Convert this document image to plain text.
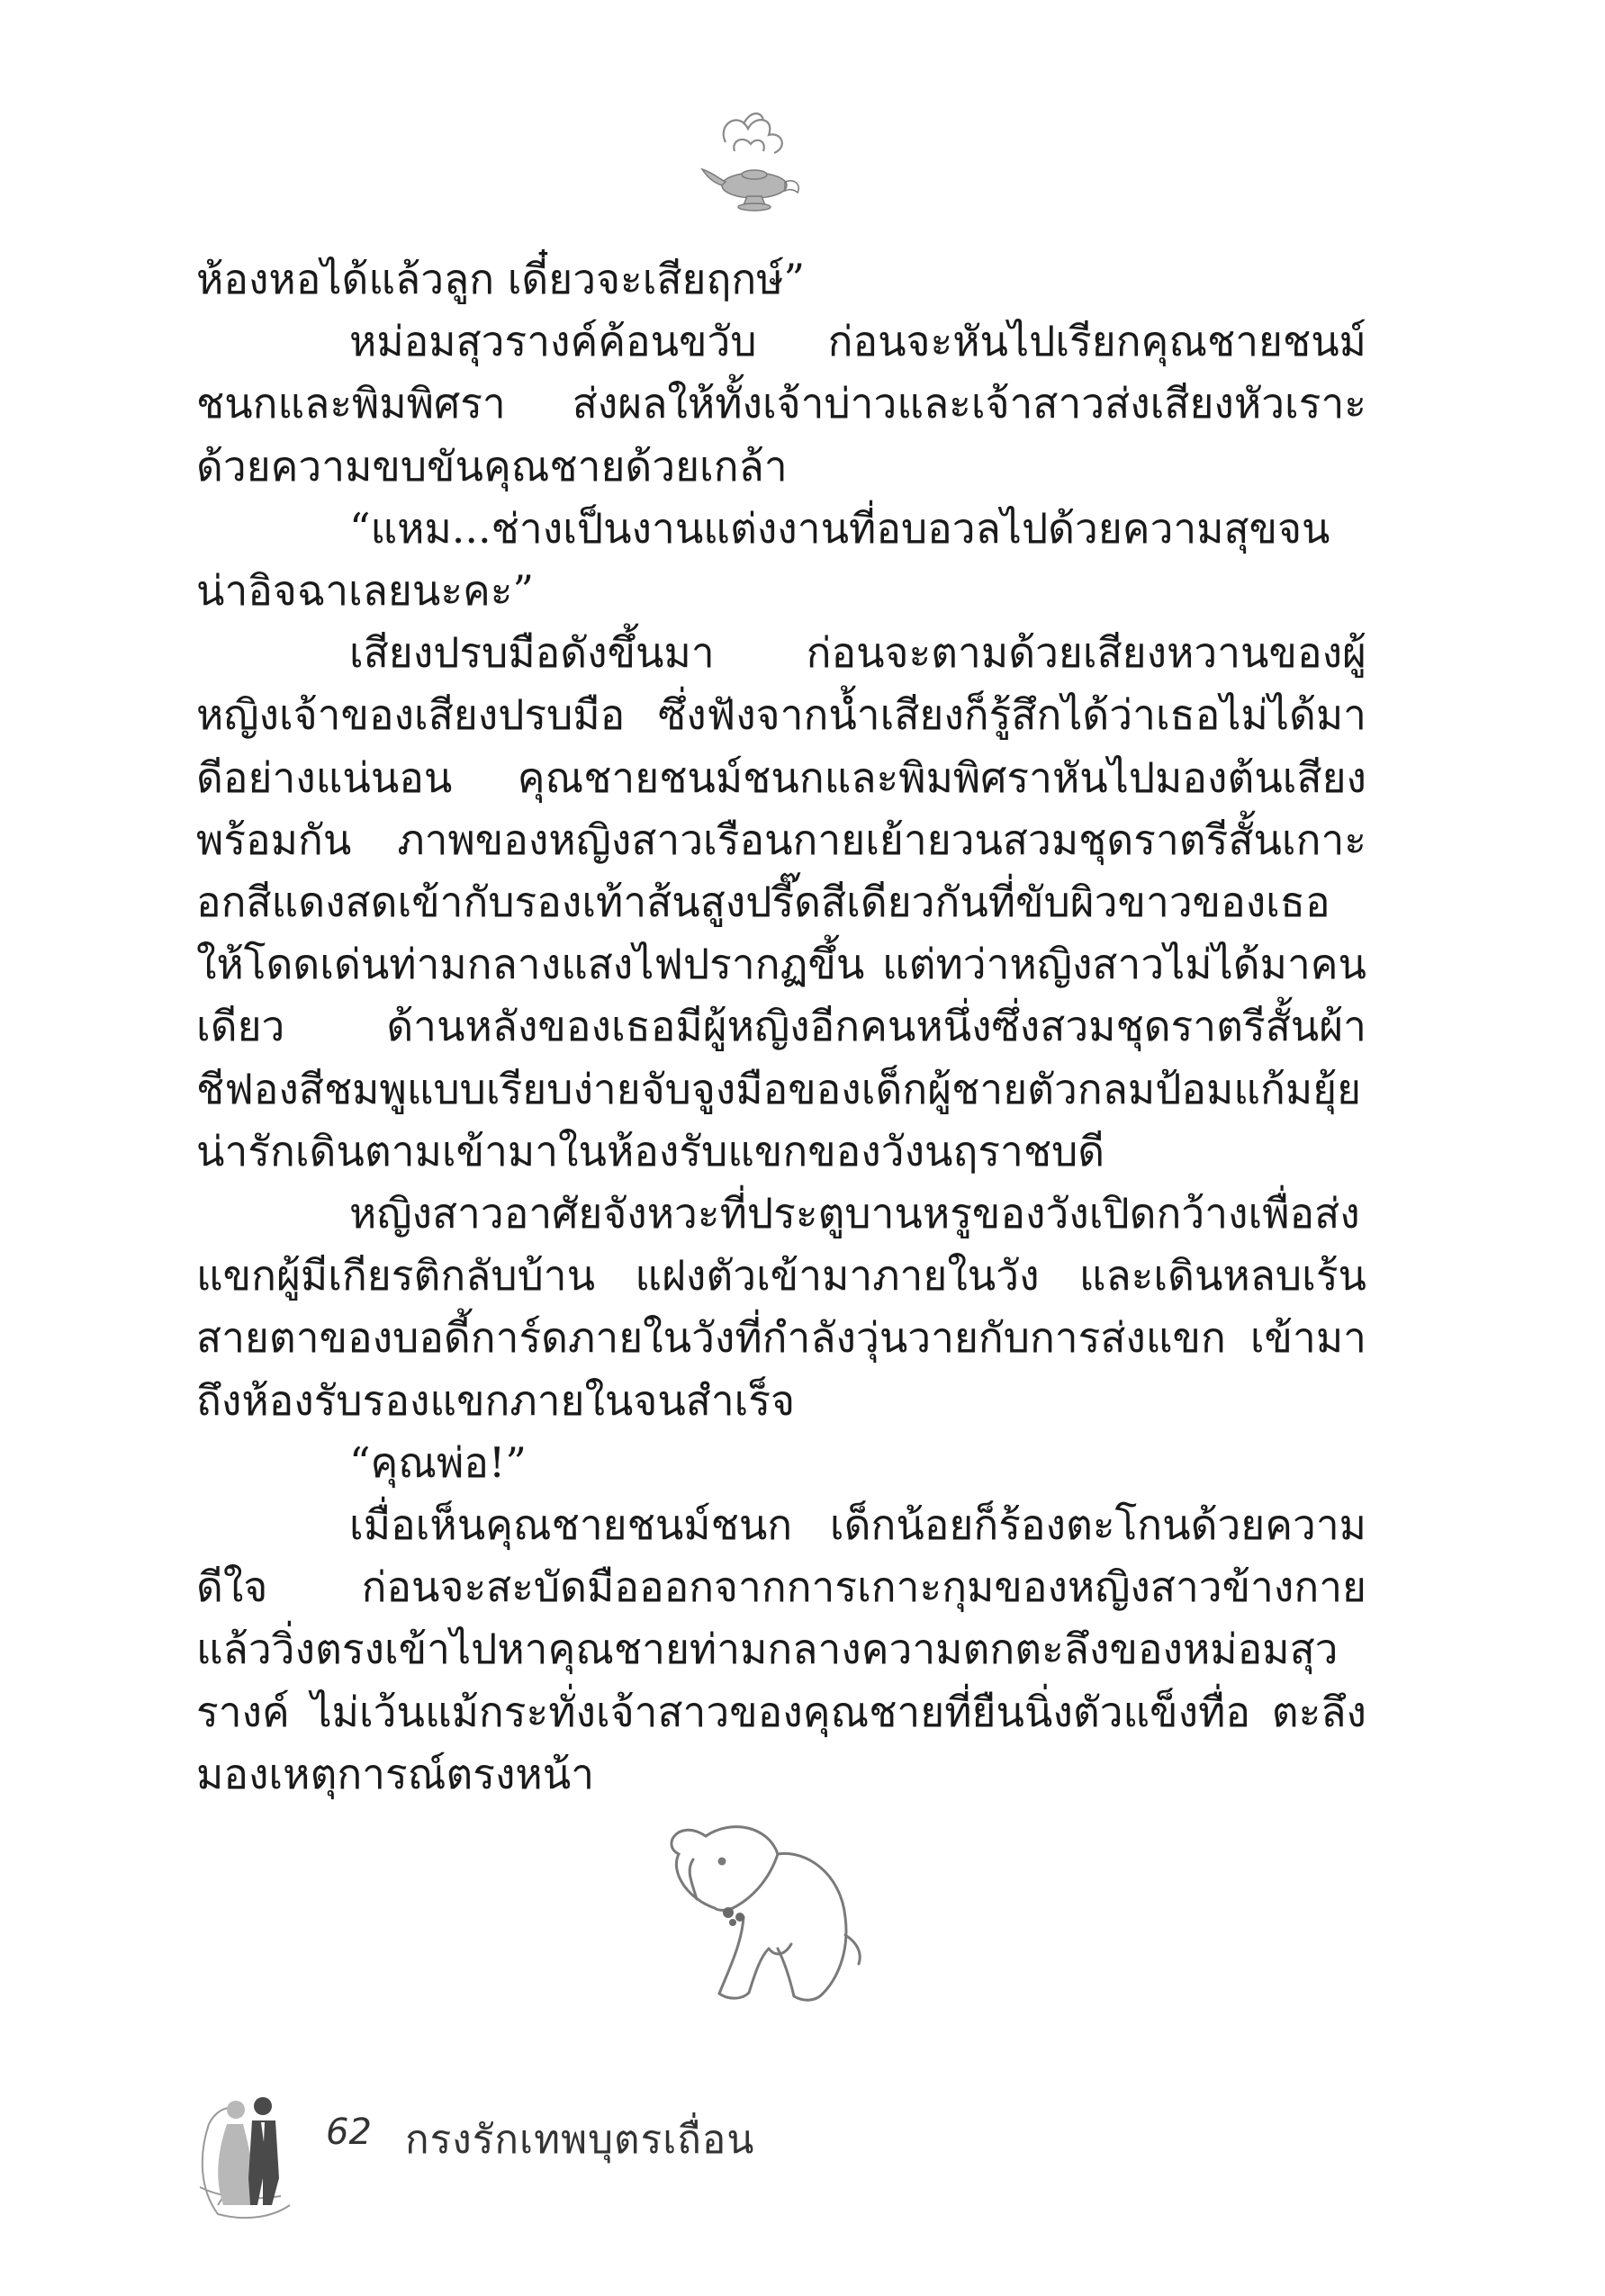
ห้องหอได้แล้วลูก เดี๋ยวจะเสียฤกษ์”

หม่อมสุวรางค์ค้อนขวับ ก่อนจะหันไปเรียกคุณชายชนม์ชนกและพิมพิศรา ส่งผลให้ทั้งเจ้าบ่าวและเจ้าสาวส่งเสียงหัวเราะด้วยความขบขันคุณชายด้วยเกล้า

“แหม...ช่างเป็นงานแต่งงานที่อบอวลไปด้วยความสุขจนน่าอิจฉาเลยนะคะ”

เสียงปรบมือดังขึ้นมา ก่อนจะตามด้วยเสียงหวานของผู้หญิงเจ้าของเสียงปรบมือ ซึ่งฟังจากน้ำเสียงก็รู้สึกได้ว่าเธอไม่ได้มาดีอย่างแน่นอน คุณชายชนม์ชนกและพิมพิศราหันไปมองต้นเสียงพร้อมกัน ภาพของหญิงสาวเรือนกายเย้ายวนสวมชุดราตรีสั้นเกาะอกสีแดงสดเข้ากับรองเท้าส้นสูงปรี๊ดสีเดียวกันที่ขับผิวขาวของเธอให้โดดเด่นท่ามกลางแสงไฟปรากฏขึ้น แต่ทว่าหญิงสาวไม่ได้มาคนเดียว ด้านหลังของเธอมีผู้หญิงอีกคนหนึ่งซึ่งสวมชุดราตรีสั้นผ้าชีฟองสีชมพูแบบเรียบง่ายจับจูงมือของเด็กผู้ชายตัวกลมป้อมแก้มยุ้ยน่ารักเดินตามเข้ามาในห้องรับแขกของวังนฤราชบดี

หญิงสาวอาศัยจังหวะที่ประตูบานหรูของวังเปิดกว้างเพื่อส่งแขกผู้มีเกียรติกลับบ้าน แฝงตัวเข้ามาภายในวัง และเดินหลบเร้นสายตาของบอดี้การ์ดภายในวังที่กำลังวุ่นวายกับการส่งแขก เข้ามาถึงห้องรับรองแขกภายในจนสำเร็จ

“คุณพ่อ!”

เมื่อเห็นคุณชายชนม์ชนก เด็กน้อยก็ร้องตะโกนด้วยความดีใจ ก่อนจะสะบัดมือออกจากการเกาะกุมของหญิงสาวข้างกาย แล้ววิ่งตรงเข้าไปหาคุณชายท่ามกลางความตกตะลึงของหม่อมสุวรางค์ ไม่เว้นแม้กระทั่งเจ้าสาวของคุณชายที่ยืนนิ่งตัวแข็งทื่อ ตะลึงมองเหตุการณ์ตรงหน้า

62 กรงรักเทพบุตรเถื่อน
